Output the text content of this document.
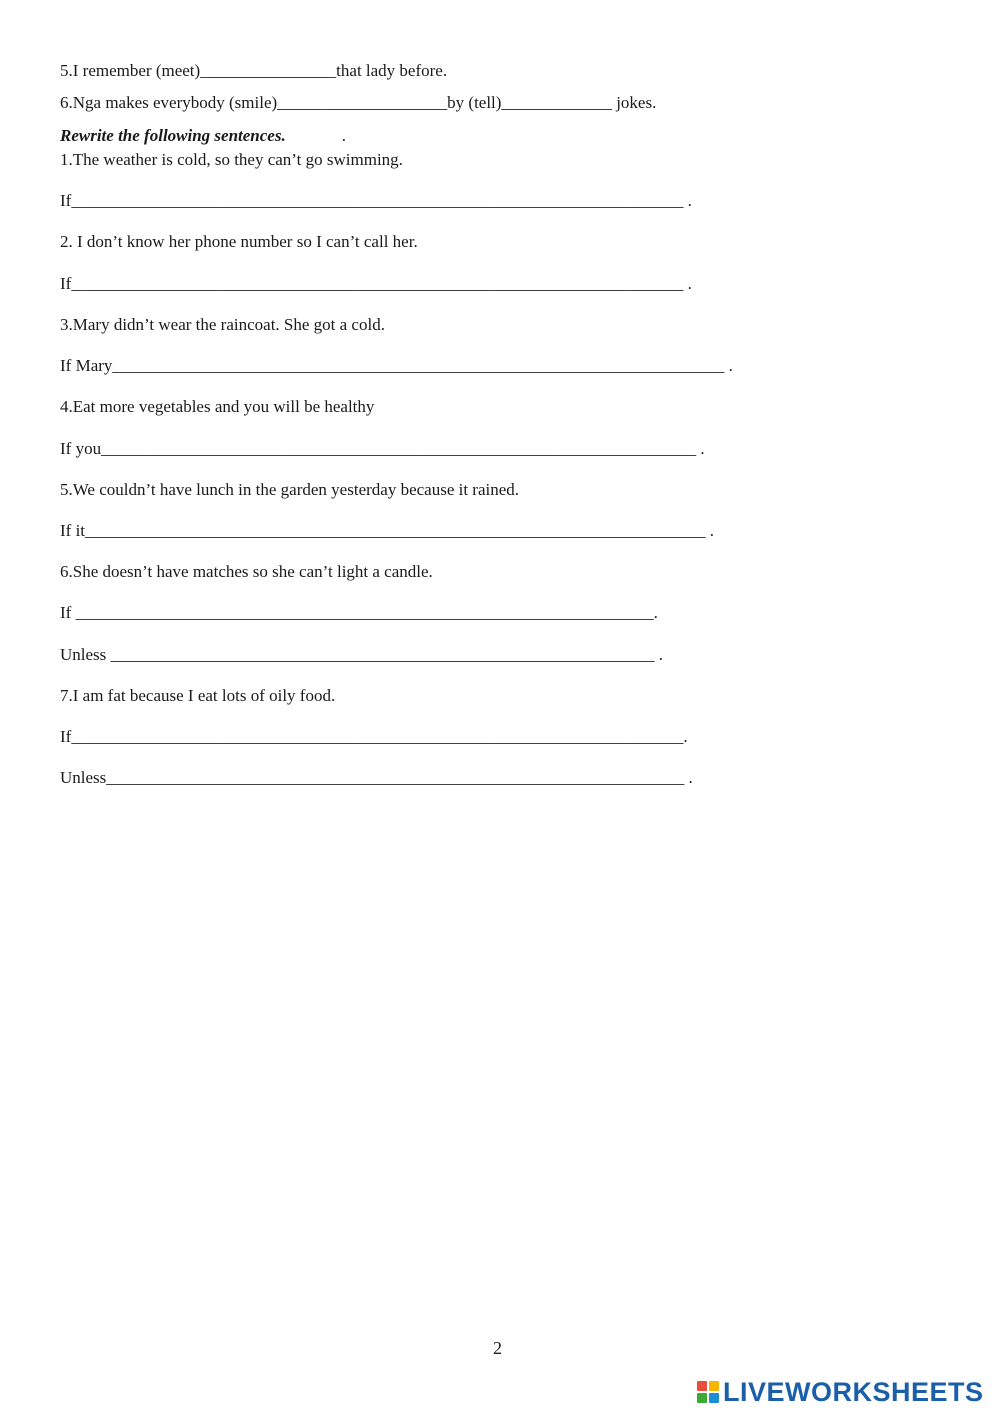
5.I remember (meet)________________that lady before.
6.Nga makes everybody (smile)____________________by (tell)_____________ jokes.
Rewrite the following sentences.	.
1.The weather is cold, so they can’t go swimming.
If________________________________________________________________________ .
2. I don’t know her phone number so I can’t call her.
If________________________________________________________________________ .
3.Mary didn’t wear the raincoat. She got a cold.
If Mary________________________________________________________________________ .
4.Eat more vegetables and you will be healthy
If you______________________________________________________________________ .
5.We couldn’t have lunch in the garden yesterday because it rained.
If it_________________________________________________________________________ .
6.She doesn’t have matches so she can’t light a candle.
If ____________________________________________________________________.
Unless ________________________________________________________________ .
7.I am fat because I eat lots of oily food.
If________________________________________________________________________.
Unless____________________________________________________________________ .
2
LIVEWORKSHEETS
